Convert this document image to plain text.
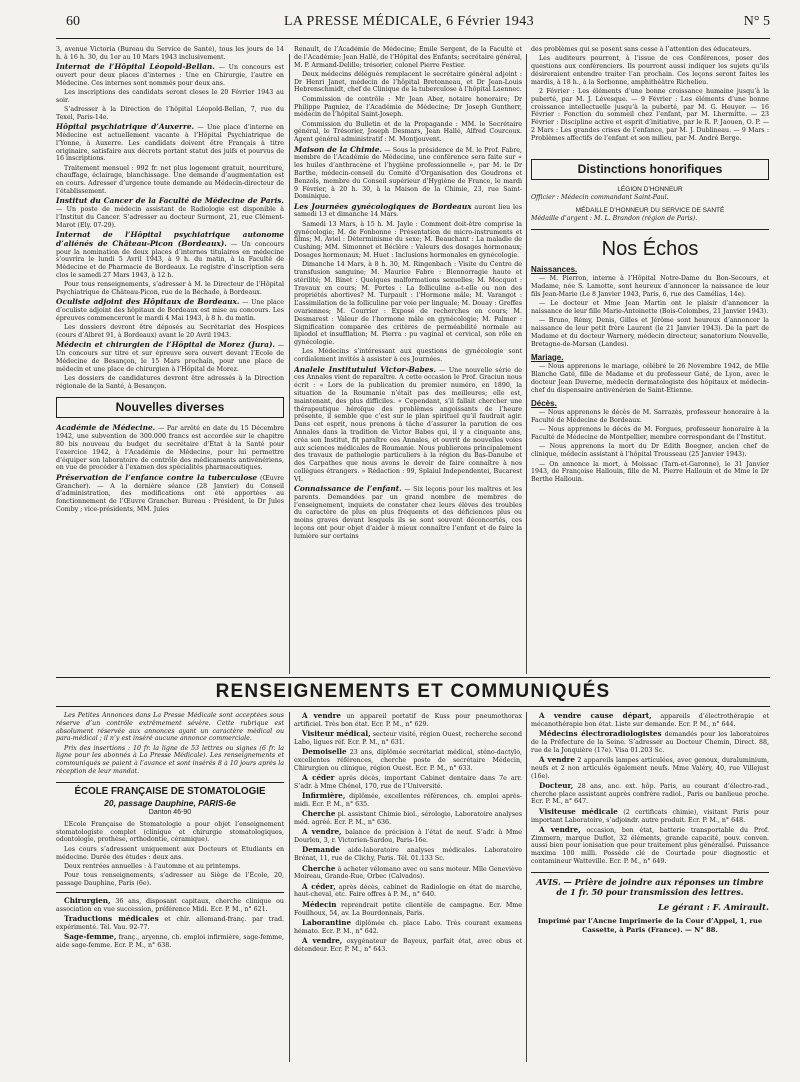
60	LA PRESSE MÉDICALE, 6 Février 1943	N° 5

3, avenue Victoria (Bureau du Service de Santé), tous les jours de 14 h. à 16 h. 30, du 1er au 10 Mars 1943 inclusivement.

Internat de l’Hôpital Léopold-Bellan. — Un concours est ouvert pour deux places d’internes : Une en Chirurgie, l’autre en Médecine. Ces internes sont nommés pour deux ans.

Les inscriptions des candidats seront closes le 20 Février 1943 au soir.

S’adresser à la Direction de l’hôpital Léopold-Bellan, 7, rue du Texel, Paris-14e.

Hôpital psychiatrique d’Auxerre. — Une place d’interne en Médecine est actuellement vacante à l’Hôpital Psychiatrique de l’Yonne, à Auxerre. Les candidats doivent être Français à titre originaire, satisfaire aux décrets portant statut des juifs et pourvus de 16 inscriptions.

Traitement mensuel : 992 fr. net plus logement gratuit, nourriture, chauffage, éclairage, blanchissage. Une demande d’augmentation est en cours. Adresser d’urgence toute demande au Médecin-directeur de l’établissement.

Institut du Cancer de la Faculté de Médecine de Paris. — Un poste de médecin assistant de Radiologie est disponible à l’Institut du Cancer. S’adresser au docteur Surmont, 21, rue Clément-Marot (Ely. 07-29).

Internat de l’Hôpital psychiatrique autonome d’aliénés de Château-Picon (Bordeaux). — Un concours pour la nomination de deux places d’internes titulaires en médecine s’ouvrira le lundi 5 Avril 1943, à 9 h. du matin, à la Faculté de Médecine et de Pharmacie de Bordeaux. Le registre d’inscription sera clos le samedi 27 Mars 1943, à 12 h.

Pour tous renseignements, s’adresser à M. le Directeur de l’Hôpital Psychiatrique de Château-Picon, rue de la Béchade, à Bordeaux.

Oculiste adjoint des Hôpitaux de Bordeaux. — Une place d’oculiste adjoint des hôpitaux de Bordeaux est mise au concours. Les épreuves commenceront le mardi 4 Mai 1943, à 8 h. du matin.

Les dossiers devront être déposés au Secrétariat des Hospices (cours d’Albret 91, à Bordeaux) avant le 20 Avril 1943.

Médecin et chirurgien de l’Hôpital de Morez (Jura). — Un concours sur titre et sur épreuve sera ouvert devant l’Ecole de Médecine de Besançon, le 15 Mars prochain, pour une place de médecin et une place de chirurgien à l’Hôpital de Morez.

Les dossiers de candidatures devront être adressés à la Direction régionale de la Santé, à Besançon.

Nouvelles diverses

Académie de Médecine. — Par arrêté en date du 15 Décembre 1942, une subvention de 300.000 francs est accordée sur le chapitre 80 bis nouveau du budget du secrétaire d’État à la Santé pour l’exercice 1942, à l’Académie de Médecine, pour lui permettre d’équiper son laboratoire de contrôle des médicaments antivénériens, en vue de procéder à l’examen des spécialités pharmaceutiques.

Préservation de l’enfance contre la tuberculose (Œuvre Grancher). — A la dernière séance (28 Janvier) du Conseil d’administration, des modifications ont été apportées au fonctionnement de l’Œuvre Grancher. Bureau : Président, le Dr Jules Comby ; vice-présidents, MM. Jules

Renault, de l’Académie de Médecine; Emile Sergent, de la Faculté et de l’Académie; Jean Hallé, de l’Hôpital des Enfants; secrétaire général, M. P. Armand-Delille; trésorier, colonel Pierre Festier.

Deux médecins délégués remplacent le secrétaire général adjoint : Dr Henri Janet, médecin de l’hôpital Bretonneau, et Dr Jean-Louis Hebrenschmidt, chef de Clinique de la tuberculose à l’hôpital Laennec.

Commission de contrôle : Mr Jean Aber, notaire honoraire; Dr Philippe Pagniez, de l’Académie de Médecine; Dr Joseph Guntherr, médecin de l’hôpital Saint-Joseph.

Commission du Bulletin et de la Propagande : MM. le Secrétaire général, le Trésorier, Joseph Desmars, Jean Hallé, Alfred Courcoux. Agent général administratif : M. Montjouvent.

Maison de la Chimie. — Sous la présidence de M. le Prof. Fabre, membre de l’Académie de Médecine, une conférence sera faite sur « les huiles d’anthracène et l’hygiène professionnelle », par M. le Dr Barthe, médecin-conseil du Comité d’Organisation des Goudrons et Benzols, membre du Conseil supérieur d’Hygiène de France, le mardi 9 Février, à 20 h. 30, à la Maison de la Chimie, 23, rue Saint-Dominique.

Les Journées gynécologiques de Bordeaux auront lieu les samedi 13 et dimanche 14 Mars.

Samedi 13 Mars, à 15 h. M. Jayle : Comment doit-être comprise la gynécologie; M. de Fonbonne : Présentation de micro-instruments et films; M. Aviel : Déterminisme du sexe; M. Beauchant : La maladie de Cushing; MM. Simonnet et Béclère : Valeurs des dosages hormonaux; Dosages hormonaux; M. Huet : Inclusions hormonales en gynécologie.

Dimanche 14 Mars, à 8 h. 30, M. Ringenbach : Visite du Centre de transfusion sanguine; M. Maurice Fabre : Blennorragie haute et stérilité; M. Binet : Quelques malformations sexuelles; M. Mocquot : Travaux en cours; M. Portes : La folliculine a-t-elle ou non des propriétés abortives? M. Turpault : l’Hormone mâle; M. Varangot : L’assimilation de la folliculine par voie per linguale; M. Douay : Greffes ovariennes; M. Courrier : Exposé de recherches en cours; M. Desmarest : Valeur de l’hormone mâle en gynécologie; M. Palmer : Signification comparée des critères de perméabilité normale au lipiodol et insufflation; M. Pierra : pu vaginal et cervical, son rôle en gynécologie.

Les Médecins s’intéressant aux questions de gynécologie sont cordialement invités à assister à ces Journées.

Analele Institutului Victor-Babes. — Une nouvelle série de ces Annales vient de reparaître. A cette occasion le Prof. Graciun nous écrit : « Lors de la publication du premier numéro, en 1890, la situation de la Roumanie n’était pas des meilleures; elle est, maintenant, des plus difficiles. « Cependant, s’il fallait chercher une thérapeutique héroïque des problèmes angoissants de l’heure présente, il semble que c’est sur le plan spirituel qu’il faudrait agir. Dans cet esprit, nous prenons à tâche d’assurer la parution de ces Annales dans la tradition de Victor Babes qui, il y a cinquante ans, créa son Institut, fit paraître ces Annales, et ouvrit de nouvelles voies aux sciences médicales de Roumanie. Nous publierons principalement des travaux de pathologie particuliers à la région du Bas-Danube et des Carpathes que nous avons le devoir de faire connaître à nos collègues étrangers. » Rédaction : 99, Splaiul Independentei, Bucarest VI.

Connaissance de l’enfant. — Six leçons pour les maîtres et les parents. Demandées par un grand nombre de membres de l’enseignement, inquiets de constater chez leurs élèves des troubles du caractère de plus en plus fréquents et des déficiences plus ou moins graves devant lesquels ils se sont souvent déconcertés, ces leçons ont pour objet d’aider à mieux connaître l’enfant et de faire la lumière sur certains

des problèmes qui se posent sans cesse à l’attention des éducateurs.

Les auditeurs pourront, à l’issue de ces Conférences, poser des questions aux conférenciers. Ils pourront aussi indiquer les sujets qu’ils désireraient entendre traiter l’an prochain. Ces leçons seront faites les mardis, à 18 h., à la Sorbonne, amphithéâtre Richelieu.

2 Février : Les éléments d’une bonne croissance humaine jusqu’à la puberté, par M. J. Lévesque. — 9 Février : Les éléments d’une bonne croissance intellectuelle jusqu’à la puberté, par M. G. Heuyer. — 16 Février : Fonction du sommeil chez l’enfant, par M. Lhermitte. — 23 Février : Discipline active et esprit d’initiative, par le R. P. Jaouen, O. P. — 2 Mars : Les grandes crises de l’enfance, par M. J. Dublineau. — 9 Mars : Problèmes affectifs de l’enfant et son milieu, par M. André Berge.

Distinctions honorifiques
LÉGION D’HONNEUR

Officier : Médecin commandant Saint-Paul.

MÉDAILLE D’HONNEUR DU SERVICE DE SANTÉ

Médaille d’argent : M. L. Brandon (région de Paris).

Nos Échos
Naissances.

— M. Pierron, interne à l’Hôpital Notre-Dame du Bon-Secours, et Madame, née S. Lamotte, sont heureux d’annoncer la naissance de leur fils Jean-Marie (Le 8 Janvier 1943, Paris, 6, rue des Camélias, 14e).

— Le docteur et Mme Jean Martin ont le plaisir d’annoncer la naissance de leur fille Marie-Antoinette (Bois-Colombes, 21 Janvier 1943).

— Bruno, Rémy, Denis, Gilles et Jérôme sont heureux d’annoncer la naissance de leur petit frère Laurent (le 21 Janvier 1943). De la part de Madame et du docteur Warnery, médecin directeur, sanatorium Nouvelle, Bretagne-de-Marsan (Landes).

Mariage.

— Nous apprenons le mariage, célébré le 26 Novembre 1942, de Mlle Blanche Gaté, fille de Madame et du professeur Gaté, de Lyon, avec le docteur Jean Duverne, médecin dermatologiste des hôpitaux et médecin-chef du dispensaire antivénérien de Saint-Etienne.

Décès.

— Nous apprenons le décès de M. Sarrazès, professeur honoraire à la Faculté de Médecine de Bordeaux.

— Nous apprenons le décès de M. Forgues, professeur honoraire à la Faculté de Médecine de Montpellier, membre correspondant de l’Institut.

— Nous apprenons la mort du Dr Edith Boegner, ancien chef de clinique, médecin assistant à l’hôpital Trousseau (25 Janvier 1943).

— On annonce la mort, à Moissac (Tarn-et-Garonne), le 31 Janvier 1943, de Françoise Hallouin, fille de M. Pierre Hallouin et de Mme le Dr Berthe Hallouin.

RENSEIGNEMENTS ET COMMUNIQUÉS

Les Petites Annonces dans La Presse Médicale sont acceptées sous réserve d’un contrôle extrêmement sévère. Cette rubrique est absolument réservée aux annonces ayant un caractère médical ou para-médical ; il n’y est inséré aucune annonce commerciale.

Prix des insertions : 10 fr. la ligne de 53 lettres ou signes (6 fr. la ligne pour les abonnés à La Presse Médicale). Les renseignements et communiqués se paient à l’avance et sont insérés 8 à 10 jours après la réception de leur mandat.

ÉCOLE FRANÇAISE DE STOMATOLOGIE
20, passage Dauphine, PARIS-6e
Danton 46-90

L’Ecole Française de Stomatologie a pour objet l’enseignement stomatologiste complet (clinique et chirurgie stomatologiques, odontologie, prothèse, orthodontie, céramique).

Les cours s’adressent uniquement aux Docteurs et Etudiants en médecine. Durée des études : deux ans.

Deux rentrées annuelles : à l’automne et au printemps.

Pour tous renseignements, s’adresser au Siège de l’École, 20, passage Dauphine, Paris (6e).

Chirurgien, 36 ans, disposant capitaux, cherche clinique ou association en vue succession, préférence Midi. Ecr. P. M., n° 621.

Traductions médicales et chir. allemand-franç. par trad. expérimenté. Tél. Vau. 92-77.

Sage-femme, franç., aryenne, ch. emploi infirmière, sage-femme, aide sage-femme. Ecr. P. M., n° 638.

A vendre un appareil portatif de Kuss pour pneumothorax artificiel. Très bon état. Ecr. P. M., n° 629.

Visiteur médical, secteur visité, région Ouest, recherche second Labo, ligues réf. Ecr. P. M., n° 631.

Demoiselle 23 ans, diplômée secrétariat médical, sténo-dactylo, excellentes références, cherche poste de secrétaire Médecin, Chirurgien ou clinique, région Ouest. Ecr. P. M., n° 633.

A céder après décès, important Cabinet dentaire dans 7e arr. S’adr. à Mme Chénel, 170, rue de l’Université.

Infirmière, diplômée, excellentes références, ch. emploi après-midi. Ecr. P. M., n° 635.

Cherche pl. assistant Chimie biol., sérologie, Laboratoire analyses méd. agréé. Ecr. P. M., n° 636.

A vendre, balance de précision à l’état de neuf. S’adr. à Mme Dourlen, 3, r. Victorien-Sardou, Paris-16e.

Demande aide-laboratoire analyses médicales. Laboratoire Brénat, 11, rue de Clichy, Paris. Tél. 01.133 Sc.

Cherche à acheter vélomano avec ou sans moteur. Mlle Geneviève Moireau, Grande-Rue, Orbec (Calvados).

A céder, après décès, cabinet de Radiologie en état de marche, haut-cheval, etc. Faire offres à P. M., n° 640.

Médecin reprendrait petite clientèle de campagne. Ecr. Mme Fouilhoux, 54, av. La Bourdonnais, Paris.

Laborantine diplômée ch. place Labo. Très courant examens hémato. Ecr. P. M., n° 642.

A vendre, oxygénateur de Bayeux, parfait état, avec obus et détendeur. Ecr. P. M., n° 643.

A vendre cause départ, appareils d’électrothérapie et mécanothérapie bon état. Liste sur demande. Ecr. P. M., n° 644.

Médecins électroradiologistes demandés pour les laboratoires de la Préfecture de la Seine. S’adresser au Docteur Chemin, Direct. 88, rue de la Jonquière (17e). Visa 01.203 Sc.

A vendre 2 appareils lampes articulées, avec genoux, duraluminium, neufs et 2 non articulés également neufs. Mme Valéry, 40, rue Villejust (16e).

Docteur, 28 ans, anc. ext. hôp. Paris, au courant d’électro-rad., cherche place assistant auprès confrère radiol., Paris ou banlieue proche. Ecr. P. M., n° 647.

Visiteuse médicale (2 certificats chimie), visitant Paris pour important Laboratoire, s’adjoindr. autre produit. Ecr. P. M., n° 648.

A vendre, occasion, bon état, batterie transportable du Prof. Zimmern, marque Duflot, 32 éléments, grande capacité, pouv. conven. aussi bien pour ionisation que pour traitement plus généralisé. Puissance maxima 100 milli. Possède clé de Courtade pour diagnostic et contamineur Watteville. Ecr. P. M., n° 649.

AVIS. — Prière de joindre aux réponses un timbre de 1 fr. 50 pour transmission des lettres.
Le gérant : F. Amirault.
Imprimé par l’Ancne Imprimerie de la Cour d’Appel, 1, rue Cassette, à Paris (France). — N° 88.
